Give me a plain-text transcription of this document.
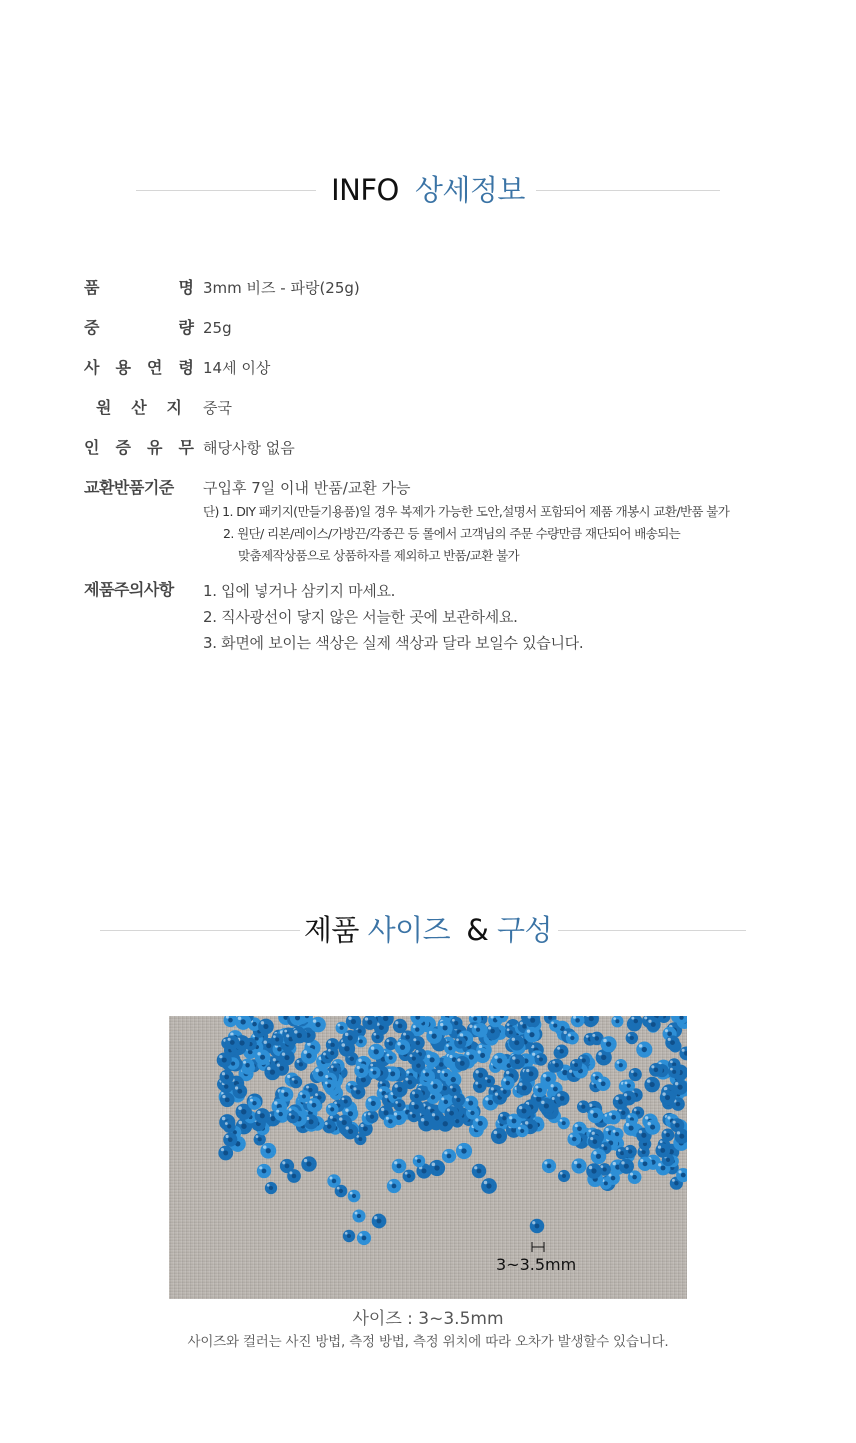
INFO 상세정보
품	명 3mm 비즈 - 파랑(25g)
중	량 25g
사 용 연 령 14세 이상
원 산 지 중국
인 증 유 무 해당사항 없음
교환반품기준	구입후 7일 이내 반품/교환 가능
단) 1. DIY 패키지(만들기용품)일 경우 복제가 가능한 도안,설명서 포함되어 제품 개봉시 교환/반품 불가
2. 원단/ 리본/레이스/가방끈/각종끈 등 롤에서 고객님의 주문 수량만큼 재단되어 배송되는
맞춤제작상품으로 상품하자를 제외하고 반품/교환 불가
제품주의사항	1. 입에 넣거나 삼키지 마세요.
2. 직사광선이 닿지 않은 서늘한 곳에 보관하세요.
3. 화면에 보이는 색상은 실제 색상과 달라 보일수 있습니다.
제품 사이즈 & 구성
3~3.5mm
사이즈 : 3~3.5mm
사이즈와 컬러는 사진 방법, 측정 방법, 측정 위치에 따라 오차가 발생할수 있습니다.
